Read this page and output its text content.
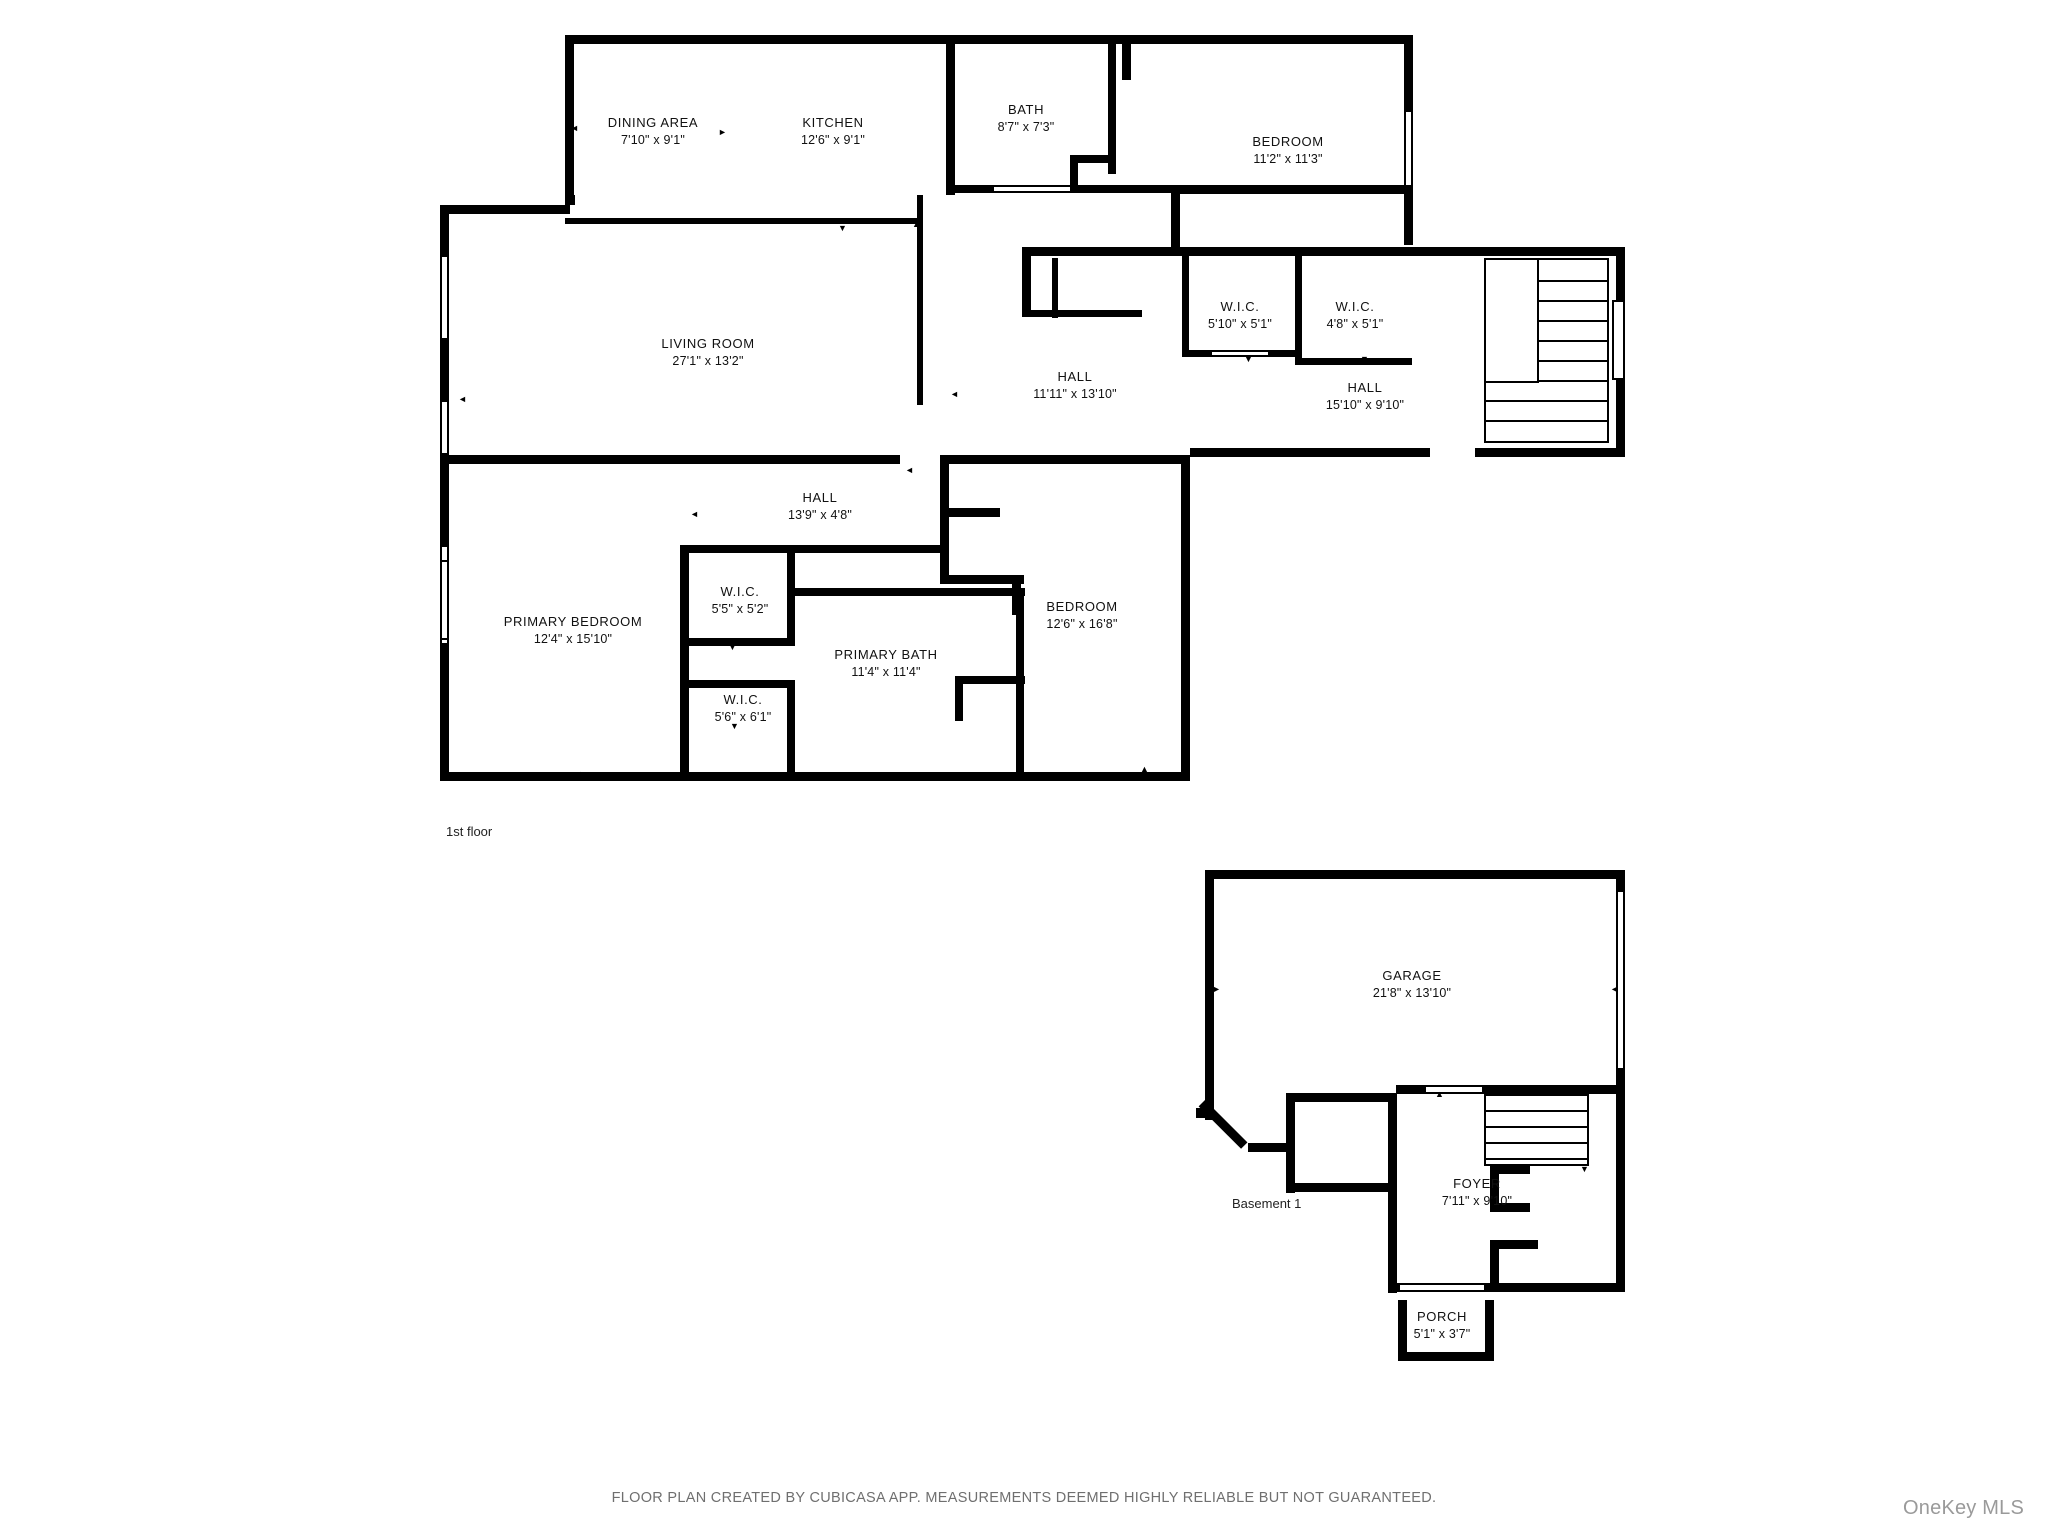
◄	►
▼	▲
◄
◄
◄
▼	▼
◄
▲
▼
▼
▲
DINING AREA
7'10" x 9'1"
KITCHEN
12'6" x 9'1"
BATH
8'7" x 7'3"
BEDROOM
11'2" x 11'3"
LIVING ROOM
27'1" x 13'2"
W.I.C.
5'10" x 5'1"
W.I.C.
4'8" x 5'1"
HALL
11'11" x 13'10"	HALL
15'10" x 9'10"
HALL
13'9" x 4'8"
PRIMARY BEDROOM
12'4" x 15'10"
W.I.C.
5'5" x 5'2"	BEDROOM
12'6" x 16'8"
PRIMARY BATH
11'4" x 11'4"
W.I.C.
5'6" x 6'1"
1st floor
▼
►	◄
▲
GARAGE
21'8" x 13'10"
FOYER
7'11" x 9'10"
PORCH
5'1" x 3'7"
Basement 1
FLOOR PLAN CREATED BY CUBICASA APP. MEASUREMENTS DEEMED HIGHLY RELIABLE BUT NOT GUARANTEED.	OneKey MLS
